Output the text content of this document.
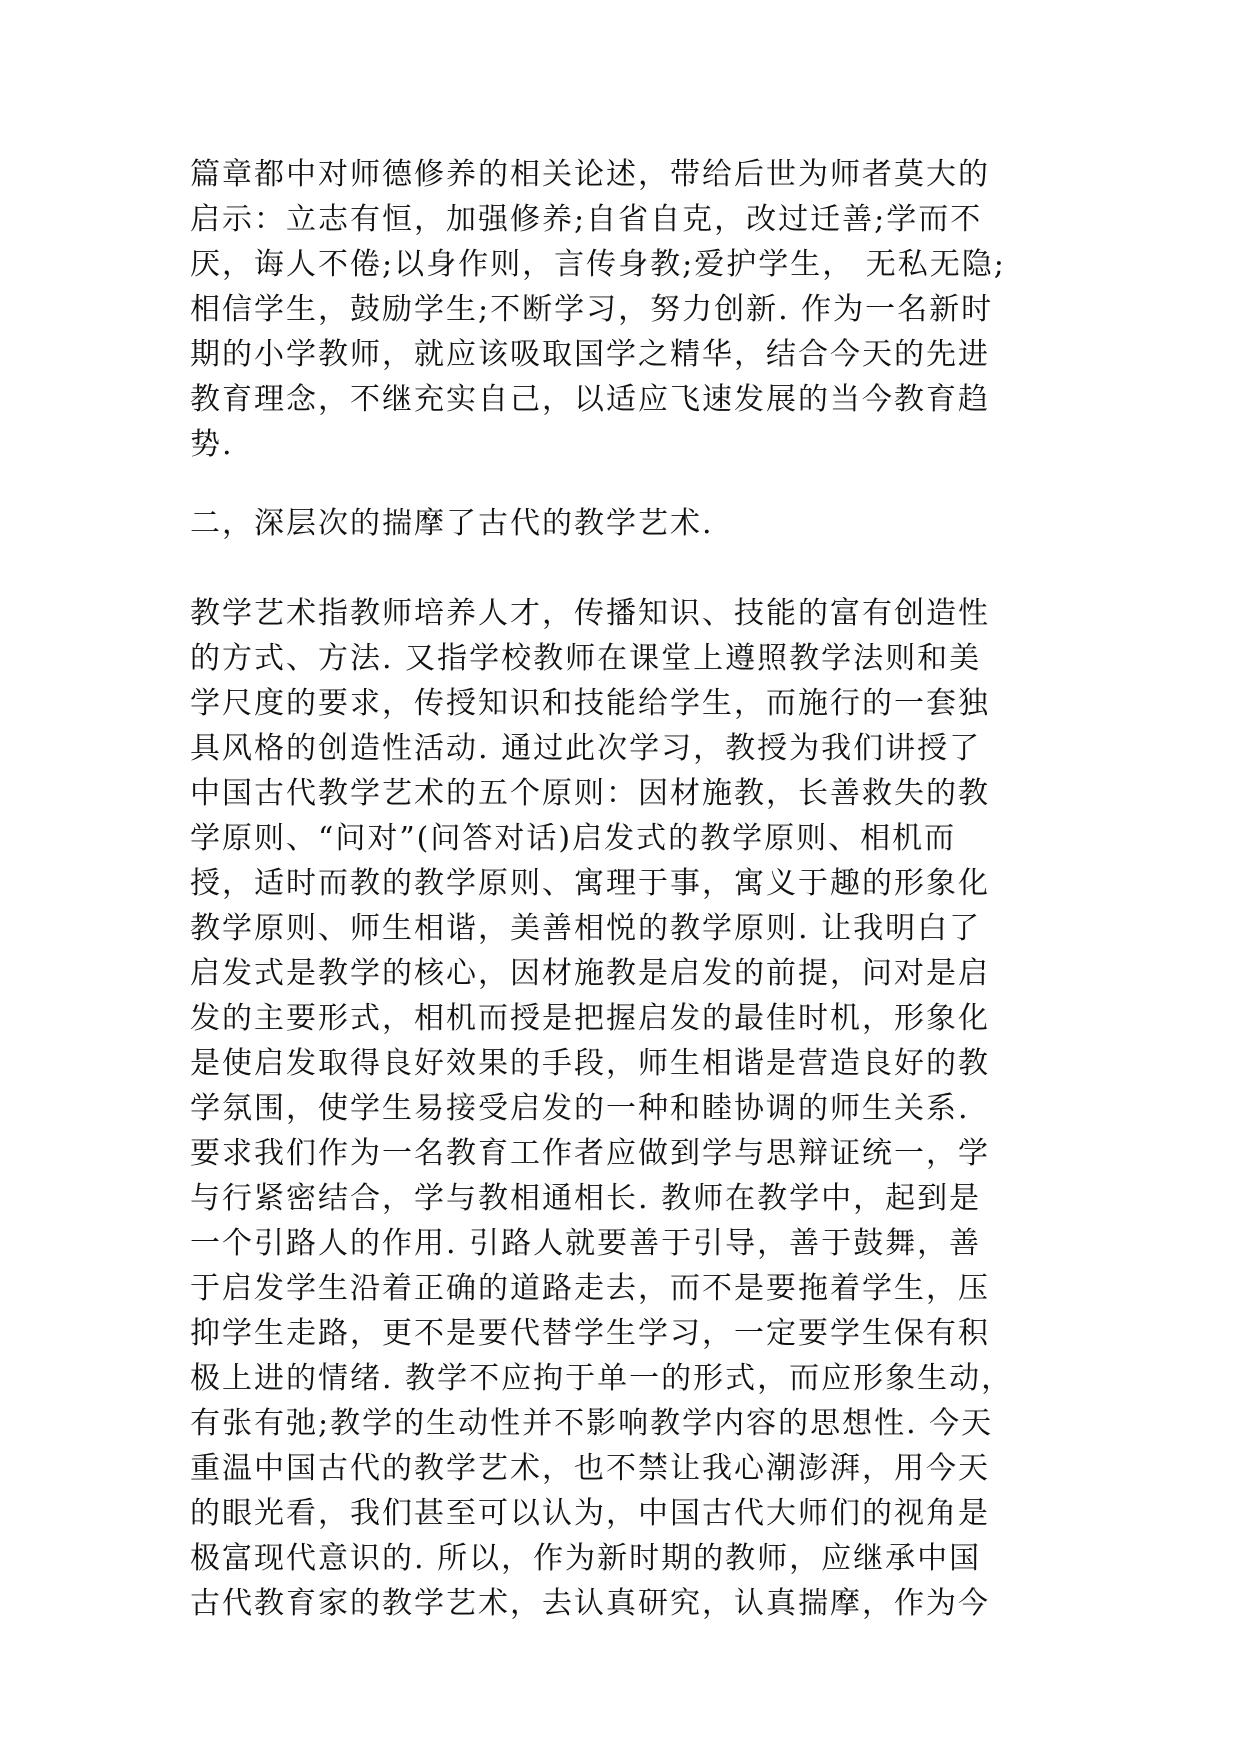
篇章都中对师德修养的相关论述，带给后世为师者莫大的
启示：立志有恒，加强修养;自省自克，改过迁善;学而不
厌，诲人不倦;以身作则，言传身教;爱护学生， 无私无隐;
相信学生，鼓励学生;不断学习，努力创新. 作为一名新时
期的小学教师，就应该吸取国学之精华，结合今天的先进
教育理念，不继充实自己，以适应飞速发展的当今教育趋
势.
二，深层次的揣摩了古代的教学艺术.
教学艺术指教师培养人才，传播知识、技能的富有创造性
的方式、方法. 又指学校教师在课堂上遵照教学法则和美
学尺度的要求，传授知识和技能给学生，而施行的一套独
具风格的创造性活动. 通过此次学习，教授为我们讲授了
中国古代教学艺术的五个原则：因材施教，长善救失的教
学原则、“问对”(问答对话)启发式的教学原则、相机而
授，适时而教的教学原则、寓理于事，寓义于趣的形象化
教学原则、师生相谐，美善相悦的教学原则. 让我明白了
启发式是教学的核心，因材施教是启发的前提，问对是启
发的主要形式，相机而授是把握启发的最佳时机，形象化
是使启发取得良好效果的手段，师生相谐是营造良好的教
学氛围，使学生易接受启发的一种和睦协调的师生关系.
要求我们作为一名教育工作者应做到学与思辩证统一，学
与行紧密结合，学与教相通相长. 教师在教学中，起到是
一个引路人的作用. 引路人就要善于引导，善于鼓舞，善
于启发学生沿着正确的道路走去，而不是要拖着学生，压
抑学生走路，更不是要代替学生学习，一定要学生保有积
极上进的情绪. 教学不应拘于单一的形式，而应形象生动，
有张有弛;教学的生动性并不影响教学内容的思想性. 今天
重温中国古代的教学艺术，也不禁让我心潮澎湃，用今天
的眼光看，我们甚至可以认为，中国古代大师们的视角是
极富现代意识的. 所以，作为新时期的教师，应继承中国
古代教育家的教学艺术，去认真研究，认真揣摩，作为今
